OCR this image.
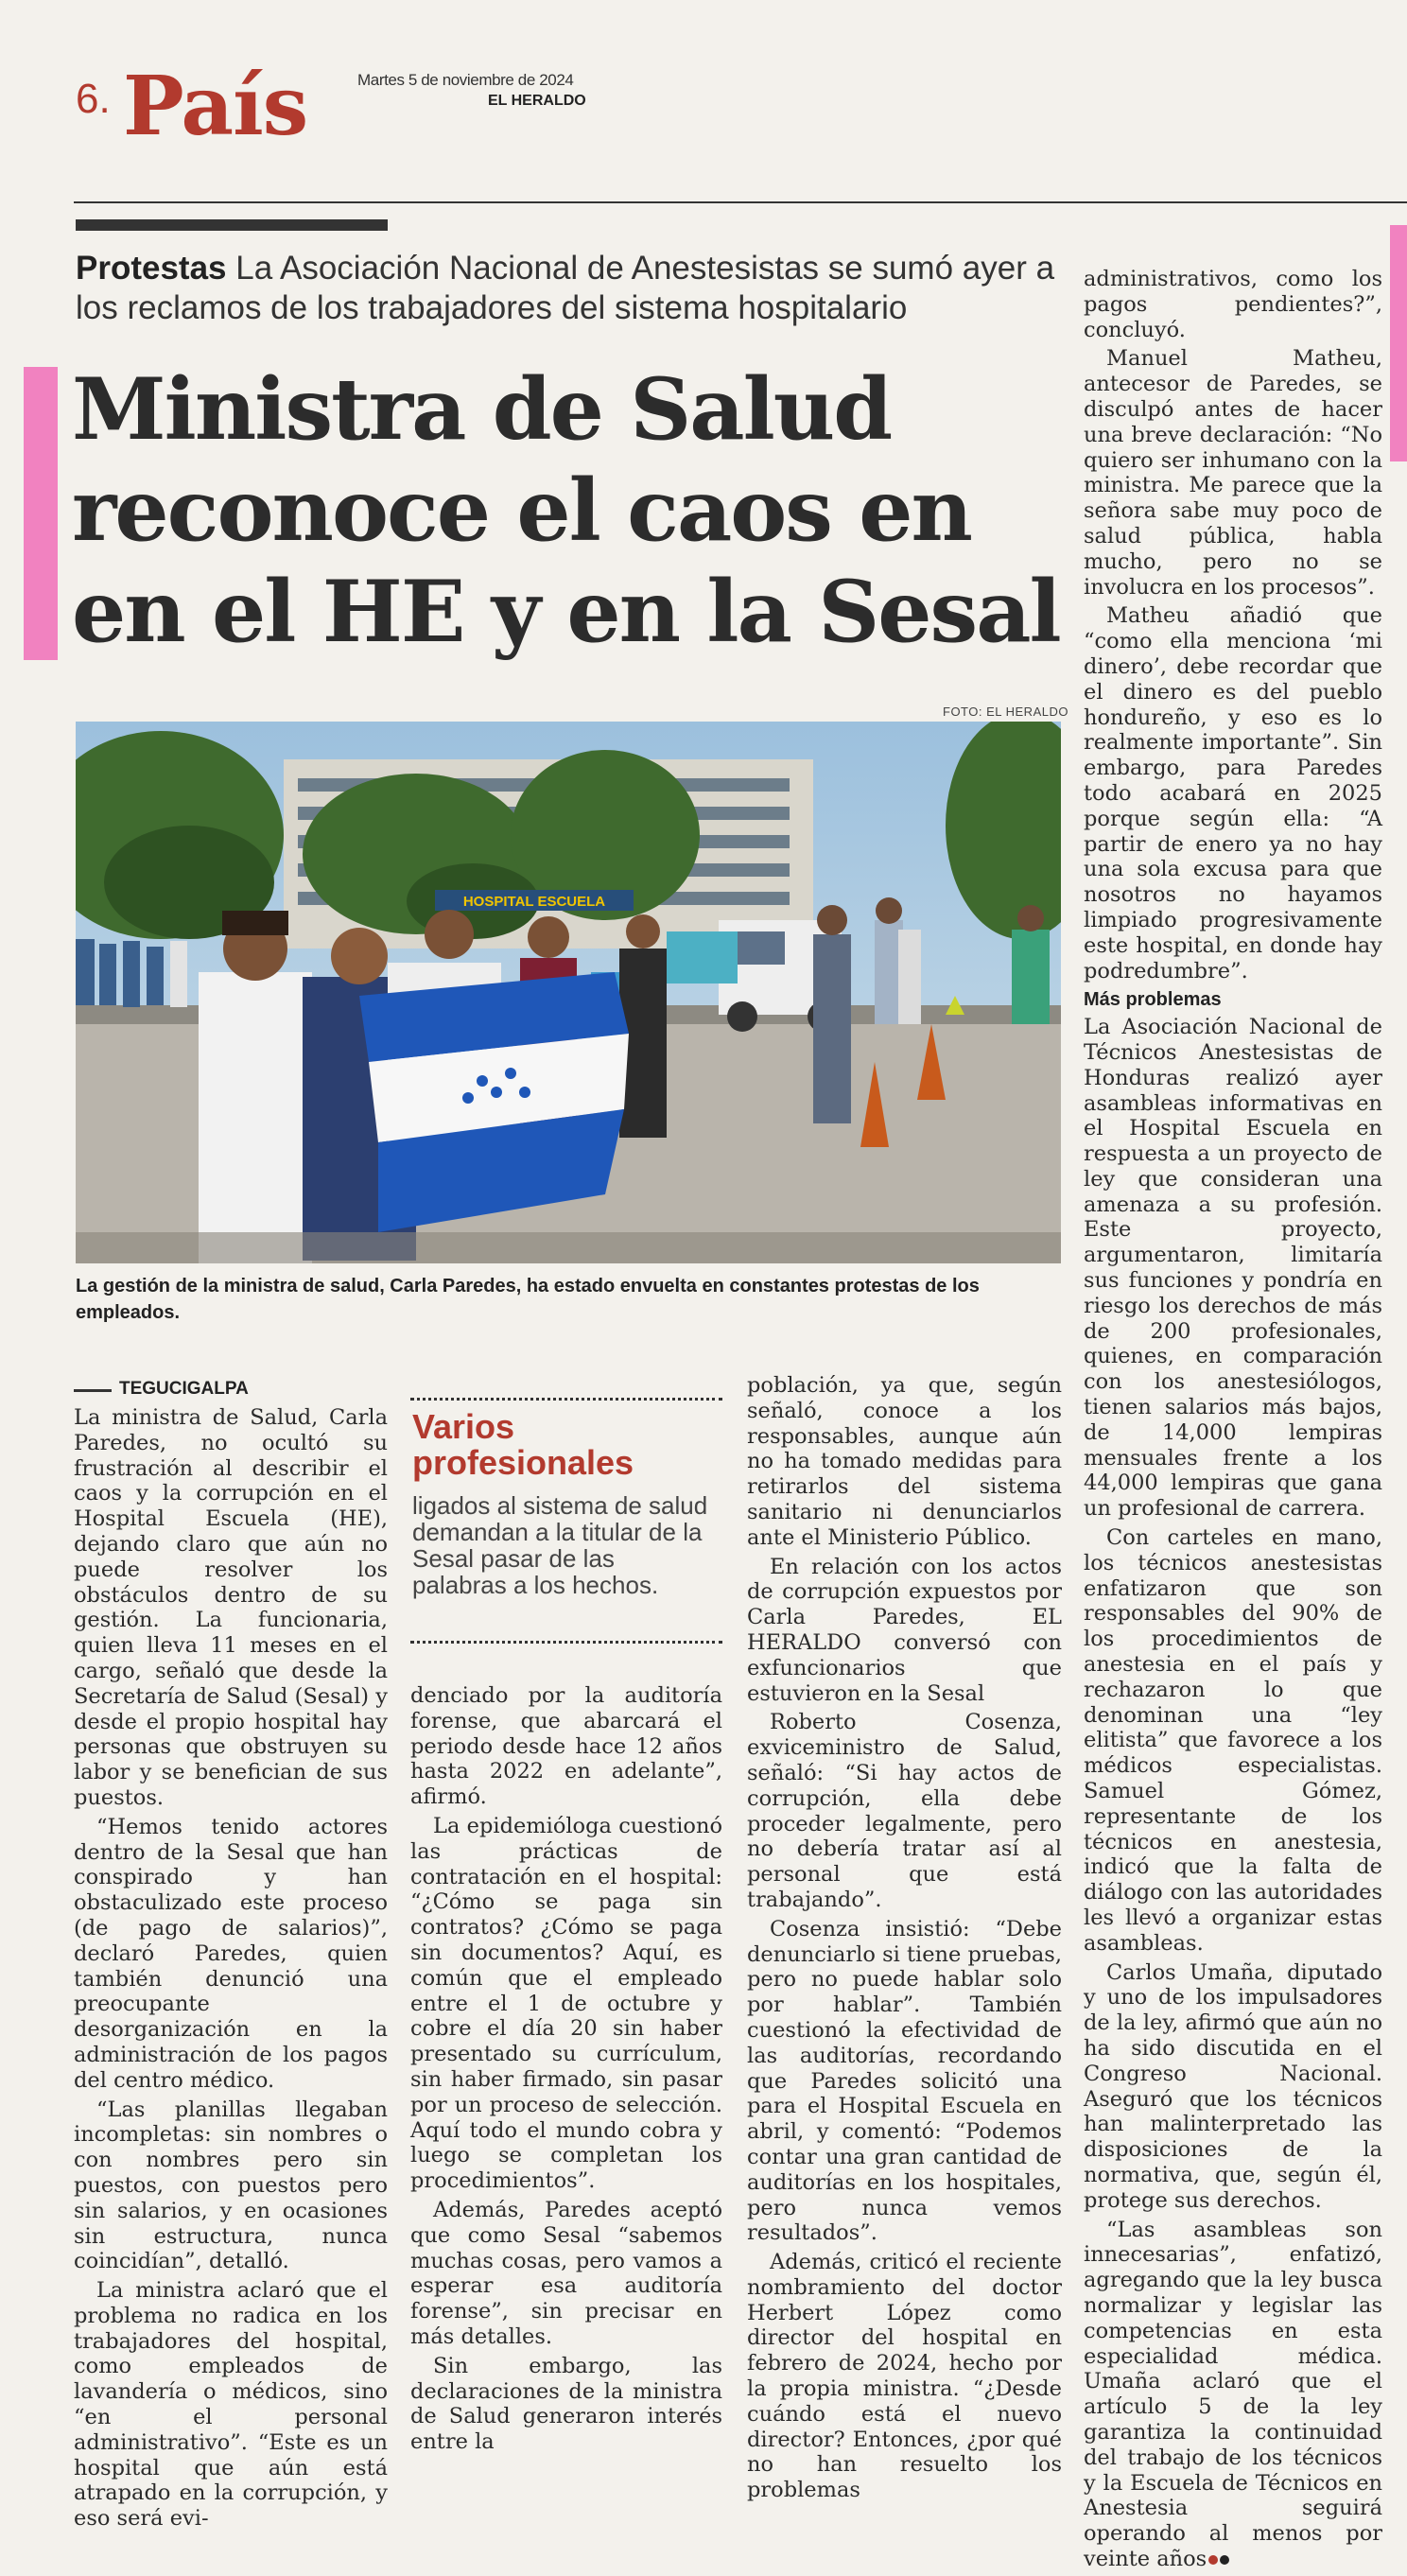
6. País	Martes 5 de noviembre de 2024
EL HERALDO
Protestas La Asociación Nacional de Anestesistas se sumó ayer a los reclamos de los trabajadores del sistema hospitalario
Ministra de Salud
reconoce el caos en
en el HE y en la Sesal
FOTO: EL HERALDO
HOSPITAL ESCUELA
La gestión de la ministra de salud, Carla Paredes, ha estado envuelta en constantes protestas de los empleados.
TEGUCIGALPA

La ministra de Salud, Carla Paredes, no ocultó su frustración al describir el caos y la corrupción en el Hospital Escuela (HE), dejando claro que aún no puede resolver los obstáculos dentro de su gestión. La funcionaria, quien lleva 11 meses en el cargo, señaló que desde la Secretaría de Salud (Sesal) y desde el propio hospital hay personas que obstruyen su labor y se benefician de sus puestos.

“Hemos tenido actores dentro de la Sesal que han conspirado y han obstaculizado este proceso (de pago de salarios)”, declaró Paredes, quien también denunció una preocupante desorganización en la administración de los pagos del centro médico.

“Las planillas llegaban incompletas: sin nombres o con nombres pero sin puestos, con puestos pero sin salarios, y en ocasiones sin estructura, nunca coincidían”, detalló.

La ministra aclaró que el problema no radica en los trabajadores del hospital, como empleados de lavandería o médicos, sino “en el personal administrativo”. “Este es un hospital que aún está atrapado en la corrupción, y eso será evi-

Varios profesionales
ligados al sistema de salud demandan a la titular de la Sesal pasar de las palabras a los hechos.

denciado por la auditoría forense, que abarcará el periodo desde hace 12 años hasta 2022 en adelante”, afirmó.

La epidemióloga cuestionó las prácticas de contratación en el hospital: “¿Cómo se paga sin contratos? ¿Cómo se paga sin documentos? Aquí, es común que el empleado entre el 1 de octubre y cobre el día 20 sin haber presentado su currículum, sin haber firmado, sin pasar por un proceso de selección. Aquí todo el mundo cobra y luego se completan los procedimientos”.

Además, Paredes aceptó que como Sesal “sabemos muchas cosas, pero vamos a esperar esa auditoría forense”, sin precisar en más detalles.

Sin embargo, las declaraciones de la ministra de Salud generaron interés entre la

población, ya que, según señaló, conoce a los responsables, aunque aún no ha tomado medidas para retirarlos del sistema sanitario ni denunciarlos ante el Ministerio Público.

En relación con los actos de corrupción expuestos por Carla Paredes, EL HERALDO conversó con exfuncionarios que estuvieron en la Sesal

Roberto Cosenza, exviceministro de Salud, señaló: “Si hay actos de corrupción, ella debe proceder legalmente, pero no debería tratar así al personal que está trabajando”.

Cosenza insistió: “Debe denunciarlo si tiene pruebas, pero no puede hablar solo por hablar”. También cuestionó la efectividad de las auditorías, recordando que Paredes solicitó una para el Hospital Escuela en abril, y comentó: “Podemos contar una gran cantidad de auditorías en los hospitales, pero nunca vemos resultados”.

Además, criticó el reciente nombramiento del doctor Herbert López como director del hospital en febrero de 2024, hecho por la propia ministra. “¿Desde cuándo está el nuevo director? Entonces, ¿por qué no han resuelto los problemas

administrativos, como los pagos pendientes?”, concluyó.

Manuel Matheu, antecesor de Paredes, se disculpó antes de hacer una breve declaración: “No quiero ser inhumano con la ministra. Me parece que la señora sabe muy poco de salud pública, habla mucho, pero no se involucra en los procesos”.

Matheu añadió que “como ella menciona ‘mi dinero’, debe recordar que el dinero es del pueblo hondureño, y eso es lo realmente importante”. Sin embargo, para Paredes todo acabará en 2025 porque según ella: “A partir de enero ya no hay una sola excusa para que nosotros no hayamos limpiado progresivamente este hospital, en donde hay podredumbre”.

Más problemas

La Asociación Nacional de Técnicos Anestesistas de Honduras realizó ayer asambleas informativas en el Hospital Escuela en respuesta a un proyecto de ley que consideran una amenaza a su profesión. Este proyecto, argumentaron, limitaría sus funciones y pondría en riesgo los derechos de más de 200 profesionales, quienes, en comparación con los anestesiólogos, tienen salarios más bajos, de 14,000 lempiras mensuales frente a los 44,000 lempiras que gana un profesional de carrera.

Con carteles en mano, los técnicos anestesistas enfatizaron que son responsables del 90% de los procedimientos de anestesia en el país y rechazaron lo que denominan una “ley elitista” que favorece a los médicos especialistas. Samuel Gómez, representante de los técnicos en anestesia, indicó que la falta de diálogo con las autoridades les llevó a organizar estas asambleas.

Carlos Umaña, diputado y uno de los impulsadores de la ley, afirmó que aún no ha sido discutida en el Congreso Nacional. Aseguró que los técnicos han malinterpretado las disposiciones de la normativa, que, según él, protege sus derechos.

“Las asambleas son innecesarias”, enfatizó, agregando que la ley busca normalizar y legislar las competencias en esta especialidad médica. Umaña aclaró que el artículo 5 de la ley garantiza la continuidad del trabajo de los técnicos y la Escuela de Técnicos en Anestesia seguirá operando al menos por veinte años
